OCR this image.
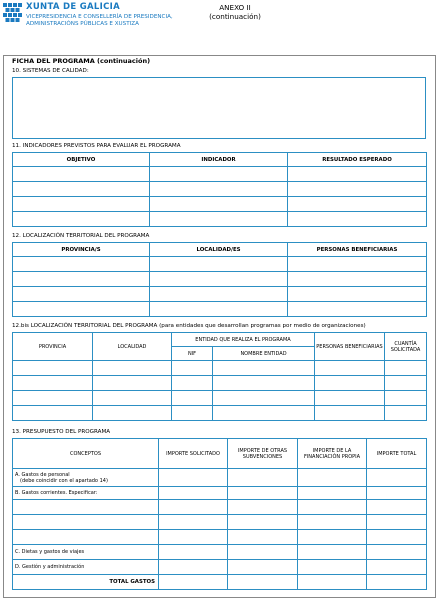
XUNTA DE GALICIA
VICEPRESIDENCIA E CONSELLERÍA DE PRESIDENCIA,
ADMINISTRACIÓNS PÚBLICAS E XUSTIZA
ANEXO II
(continuación)
FICHA DEL PROGRAMA (continuación)
10. SISTEMAS DE CALIDAD:
11. INDICADORES PREVISTOS PARA EVALUAR EL PROGRAMA
OBJETIVO	INDICADOR	RESULTADO ESPERADO

12. LOCALIZACIÓN TERRITORIAL DEL PROGRAMA
PROVINCIA/S	LOCALIDAD/ES	PERSONAS BENEFICIARIAS

12.bis LOCALIZACIÓN TERRITORIAL DEL PROGRAMA (para entidades que desarrollan programas por medio de organizaciones)
PROVINCIA	LOCALIDAD	ENTIDAD QUE REALIZA EL PROGRAMA		PERSONAS BENEFICIARIAS	CUANTÍA SOLICITADA
		NIF	NOMBRE ENTIDAD		

13. PRESUPUESTO DEL PROGRAMA
CONCEPTOS	IMPORTE SOLICITADO	IMPORTE DE OTRAS SUBVENCIONES	IMPORTE DE LA FINANCIACIÓN PROPIA	IMPORTE TOTAL

A. Gastos de personal
(debe coincidir con el apartado 14)				

B. Gastos corrientes. Especificar:				

C. Dietas y gastos de viajes				
D. Gestión y administración				
TOTAL GASTOS				
